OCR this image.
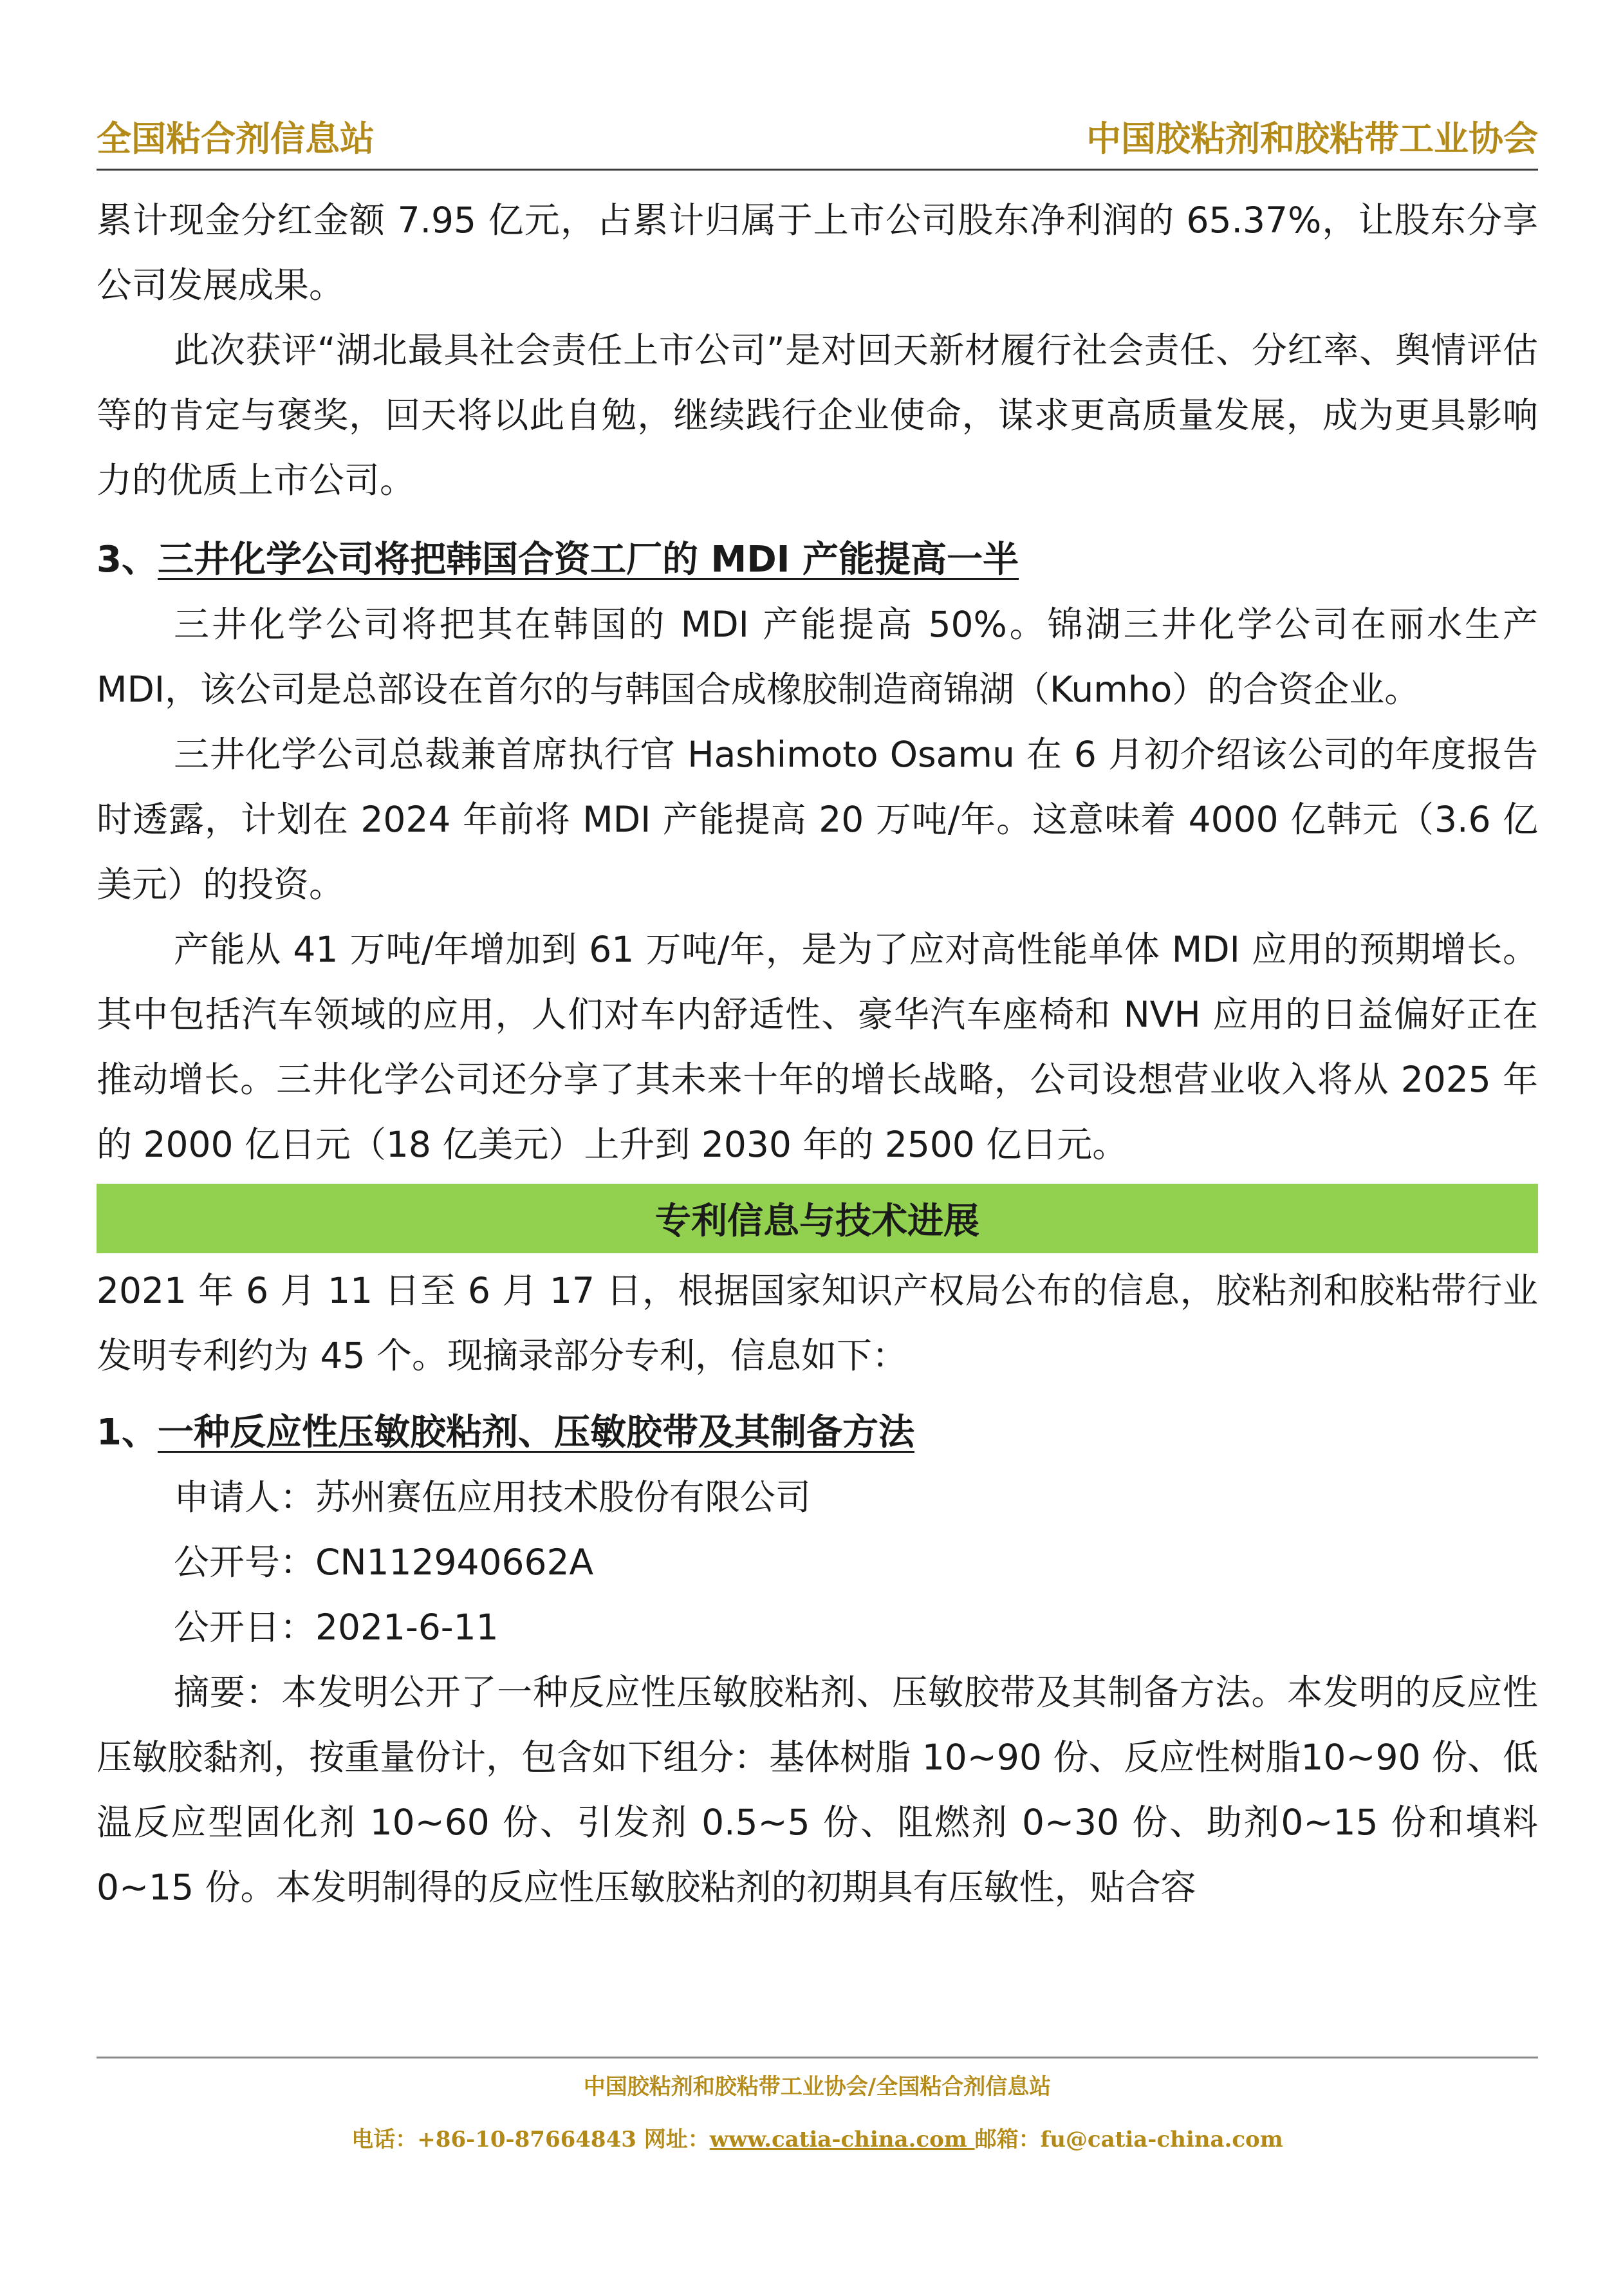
全国粘合剂信息站	中国胶粘剂和胶粘带工业协会

累计现金分红金额 7.95 亿元，占累计归属于上市公司股东净利润的 65.37%，让股东分享公司发展成果。

此次获评“湖北最具社会责任上市公司”是对回天新材履行社会责任、分红率、舆情评估等的肯定与褒奖，回天将以此自勉，继续践行企业使命，谋求更高质量发展，成为更具影响力的优质上市公司。

3、三井化学公司将把韩国合资工厂的 MDI 产能提高一半

三井化学公司将把其在韩国的 MDI 产能提高 50%。锦湖三井化学公司在丽水生产MDI，该公司是总部设在首尔的与韩国合成橡胶制造商锦湖（Kumho）的合资企业。

三井化学公司总裁兼首席执行官 Hashimoto Osamu 在 6 月初介绍该公司的年度报告时透露，计划在 2024 年前将 MDI 产能提高 20 万吨/年。这意味着 4000 亿韩元（3.6 亿美元）的投资。

产能从 41 万吨/年增加到 61 万吨/年，是为了应对高性能单体 MDI 应用的预期增长。其中包括汽车领域的应用，人们对车内舒适性、豪华汽车座椅和 NVH 应用的日益偏好正在推动增长。三井化学公司还分享了其未来十年的增长战略，公司设想营业收入将从 2025 年的 2000 亿日元（18 亿美元）上升到 2030 年的 2500 亿日元。

专利信息与技术进展

2021 年 6 月 11 日至 6 月 17 日，根据国家知识产权局公布的信息，胶粘剂和胶粘带行业发明专利约为 45 个。现摘录部分专利，信息如下：

1、一种反应性压敏胶粘剂、压敏胶带及其制备方法

申请人：苏州赛伍应用技术股份有限公司

公开号：CN112940662A

公开日：2021-6-11

摘要：本发明公开了一种反应性压敏胶粘剂、压敏胶带及其制备方法。本发明的反应性压敏胶黏剂，按重量份计，包含如下组分：基体树脂 10~90 份、反应性树脂10~90 份、低温反应型固化剂 10~60 份、引发剂 0.5~5 份、阻燃剂 0~30 份、助剂0~15 份和填料 0~15 份。本发明制得的反应性压敏胶粘剂的初期具有压敏性，贴合容

中国胶粘剂和胶粘带工业协会/全国粘合剂信息站
电话：+86-10-87664843 网址：www.catia-china.com 邮箱：fu@catia-china.com
